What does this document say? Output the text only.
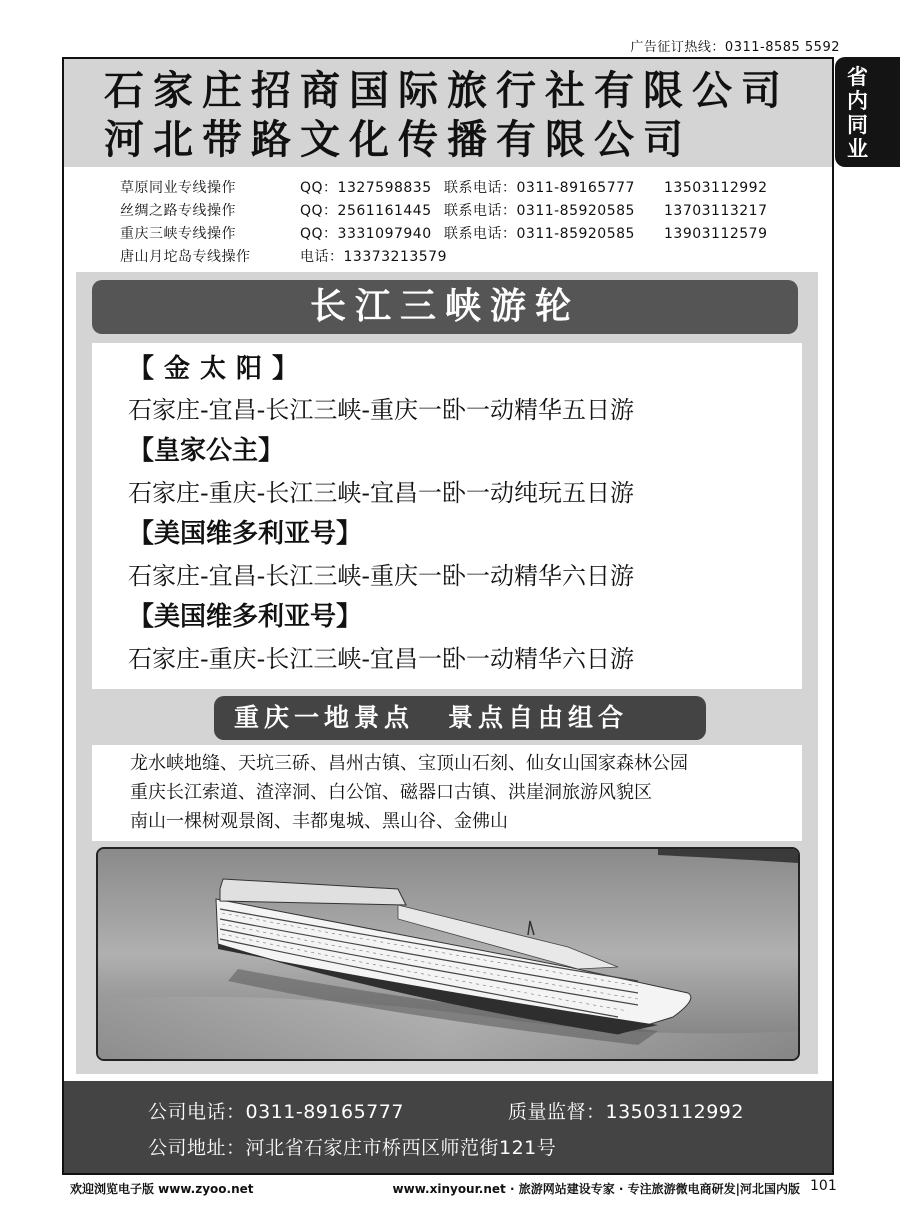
广告征订热线：0311-8585 5592
省
内
同
业
石家庄招商国际旅行社有限公司
河北带路文化传播有限公司
草原同业专线操作	QQ：1327598835 联系电话：0311-89165777	13503112992
丝绸之路专线操作	QQ：2561161445 联系电话：0311-85920585	13703113217
重庆三峡专线操作	QQ：3331097940 联系电话：0311-85920585	13903112579
唐山月坨岛专线操作	电话：13373213579
长江三峡游轮
【金太阳】
石家庄-宜昌-长江三峡-重庆一卧一动精华五日游
【皇家公主】
石家庄-重庆-长江三峡-宜昌一卧一动纯玩五日游
【美国维多利亚号】
石家庄-宜昌-长江三峡-重庆一卧一动精华六日游
【美国维多利亚号】
石家庄-重庆-长江三峡-宜昌一卧一动精华六日游
重庆一地景点 景点自由组合
龙水峡地缝、天坑三硚、昌州古镇、宝顶山石刻、仙女山国家森林公园
重庆长江索道、渣滓洞、白公馆、磁器口古镇、洪崖洞旅游风貌区
南山一棵树观景阁、丰都鬼城、黑山谷、金佛山
公司电话：0311-89165777	质量监督：13503112992
公司地址：河北省石家庄市桥西区师范街121号
欢迎浏览电子版 www.zyoo.net	www.xinyour.net · 旅游网站建设专家 · 专注旅游微电商研发|河北国内版 101
